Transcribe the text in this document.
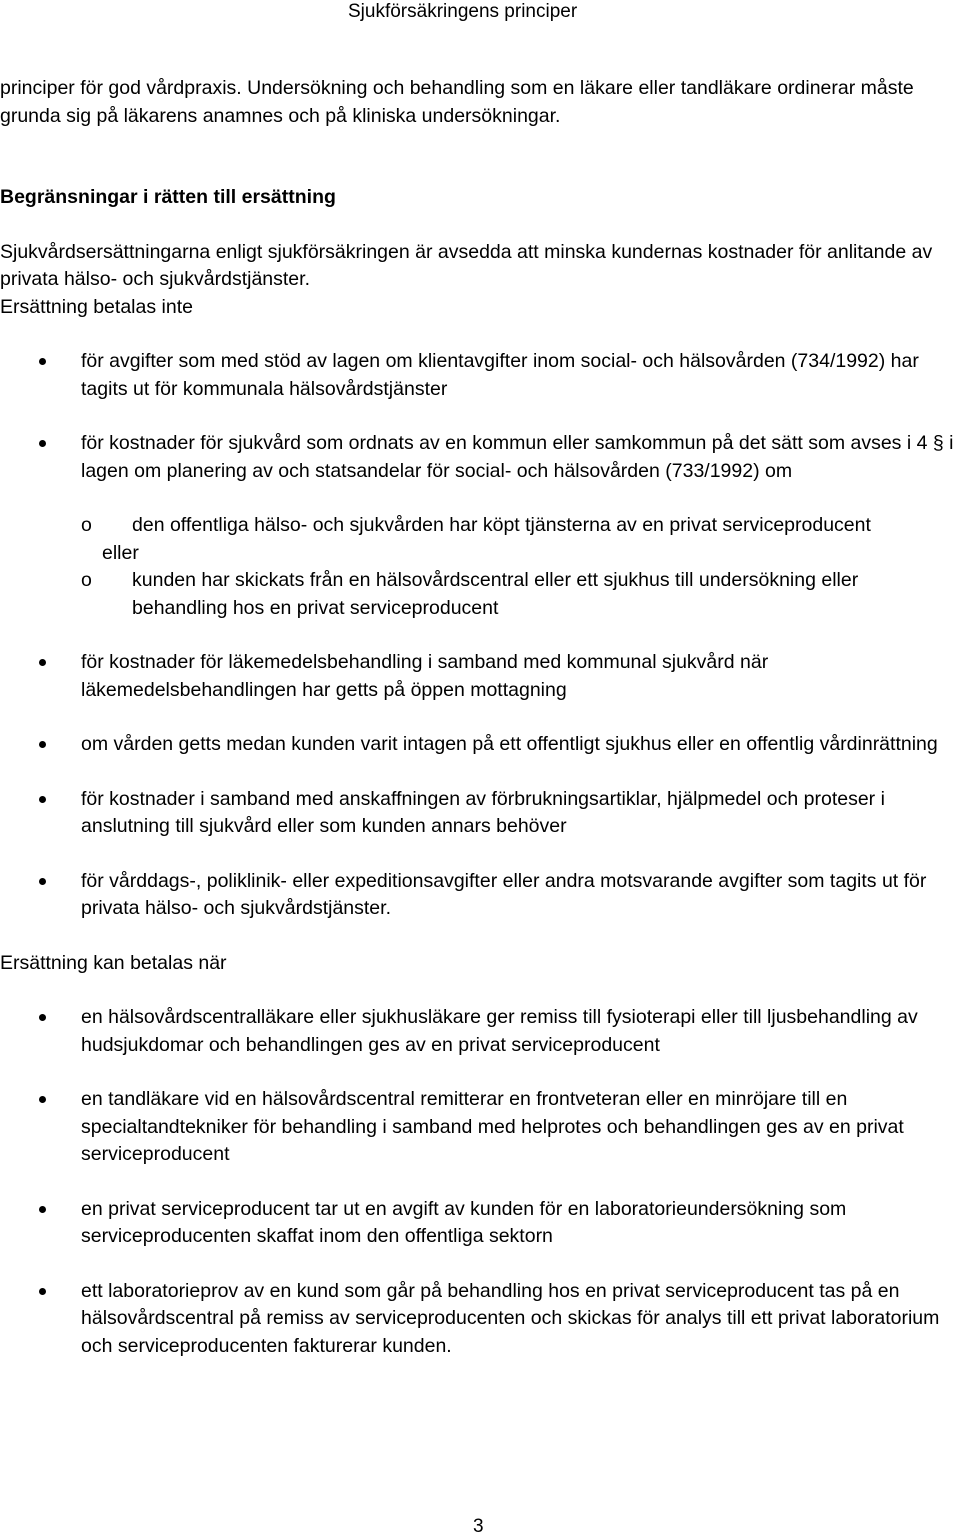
Sjukförsäkringens principer

principer för god vårdpraxis. Undersökning och behandling som en läkare eller tandläkare ordinerar måste grunda sig på läkarens anamnes och på kliniska undersökningar.

Begränsningar i rätten till ersättning

Sjukvårdsersättningarna enligt sjukförsäkringen är avsedda att minska kundernas kostnader för anlitande av privata hälso- och sjukvårdstjänster.

Ersättning betalas inte

för avgifter som med stöd av lagen om klientavgifter inom social- och hälsovården (734/1992) har tagits ut för kommunala hälsovårdstjänster
för kostnader för sjukvård som ordnats av en kommun eller samkommun på det sätt som avses i 4 § i lagen om planering av och statsandelar för social- och hälsovården (733/1992) om
o den offentliga hälso- och sjukvården har köpt tjänsterna av en privat serviceproducent
eller
o kunden har skickats från en hälsovårdscentral eller ett sjukhus till undersökning eller behandling hos en privat serviceproducent
för kostnader för läkemedelsbehandling i samband med kommunal sjukvård när läkemedelsbehandlingen har getts på öppen mottagning
om vården getts medan kunden varit intagen på ett offentligt sjukhus eller en offentlig vårdinrättning
för kostnader i samband med anskaffningen av förbrukningsartiklar, hjälpmedel och proteser i anslutning till sjukvård eller som kunden annars behöver
för vårddags-, poliklinik- eller expeditionsavgifter eller andra motsvarande avgifter som tagits ut för privata hälso- och sjukvårdstjänster.

Ersättning kan betalas när

en hälsovårdscentralläkare eller sjukhusläkare ger remiss till fysioterapi eller till ljusbehandling av hudsjukdomar och behandlingen ges av en privat serviceproducent
en tandläkare vid en hälsovårdscentral remitterar en frontveteran eller en minröjare till en specialtandtekniker för behandling i samband med helprotes och behandlingen ges av en privat serviceproducent
en privat serviceproducent tar ut en avgift av kunden för en laboratorieundersökning som serviceproducenten skaffat inom den offentliga sektorn
ett laboratorieprov av en kund som går på behandling hos en privat serviceproducent tas på en hälsovårdscentral på remiss av serviceproducenten och skickas för analys till ett privat laboratorium och serviceproducenten fakturerar kunden.
3
